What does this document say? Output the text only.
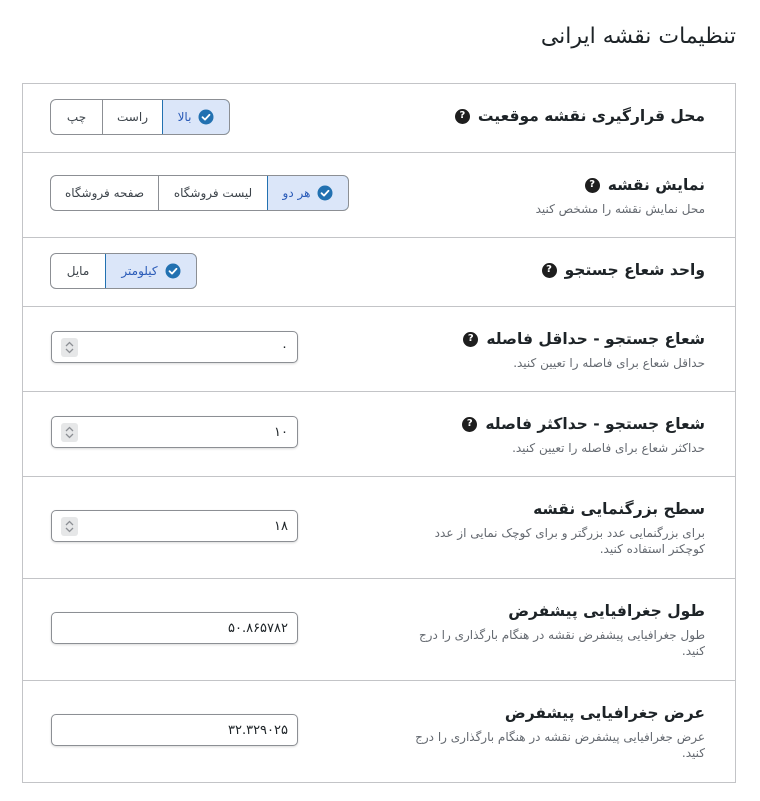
تنظیمات نقشه ایرانی
محل قرارگیری نقشه موقعیت
?
چپ	راست بالا
نمایش نقشه
?
محل نمایش نقشه را مشخص کنید
صفحه فروشگاه لیست فروشگاه	هر دو
واحد شعاع جستجو
?
مایل	کیلومتر
شعاع جستجو - حداقل فاصله
?
حداقل شعاع برای فاصله را تعیین کنید.
۰
شعاع جستجو - حداکثر فاصله
?
حداکثر شعاع برای فاصله را تعیین کنید.
۱۰
سطح بزرگنمایی نقشه
برای بزرگنمایی عدد بزرگتر و برای کوچک نمایی از عدد کوچکتر استفاده کنید.
۱۸
طول جغرافیایی پیشفرض
طول جغرافیایی پیشفرض نقشه در هنگام بارگذاری را درج کنید.
۵۰.۸۶۵۷۸۲
عرض جغرافیایی پیشفرض
عرض جغرافیایی پیشفرض نقشه در هنگام بارگذاری را درج کنید.
۳۲.۳۲۹۰۲۵
